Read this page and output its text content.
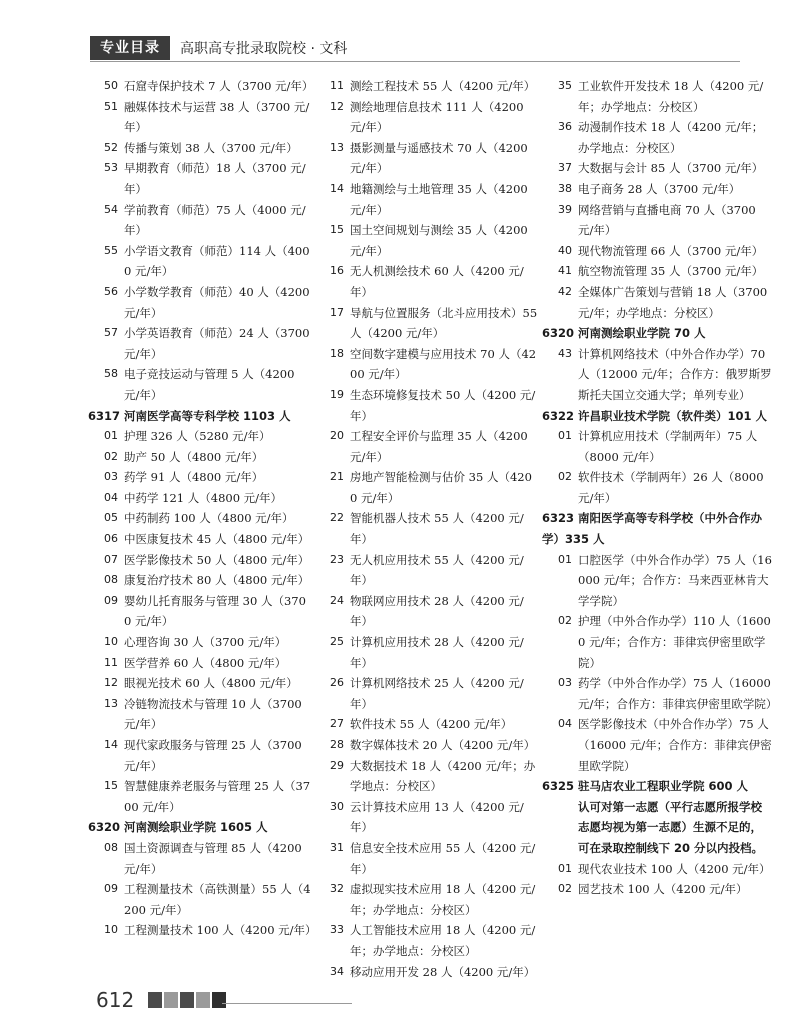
专业目录	高职高专批录取院校 · 文科
50 石窟寺保护技术 7 人（3700 元/年）
51 融媒体技术与运营 38 人（3700 元/年）
52 传播与策划 38 人（3700 元/年）
53 早期教育（师范）18 人（3700 元/年）
54 学前教育（师范）75 人（4000 元/年）
55 小学语文教育（师范）114 人（4000 元/年）
56 小学数学教育（师范）40 人（4200 元/年）
57 小学英语教育（师范）24 人（3700 元/年）
58 电子竞技运动与管理 5 人（4200 元/年）
6317 河南医学高等专科学校 1103 人
01 护理 326 人（5280 元/年）
02 助产 50 人（4800 元/年）
03 药学 91 人（4800 元/年）
04 中药学 121 人（4800 元/年）
05 中药制药 100 人（4800 元/年）
06 中医康复技术 45 人（4800 元/年）
07 医学影像技术 50 人（4800 元/年）
08 康复治疗技术 80 人（4800 元/年）
09 婴幼儿托育服务与管理 30 人（3700 元/年）
10 心理咨询 30 人（3700 元/年）
11 医学营养 60 人（4800 元/年）
12 眼视光技术 60 人（4800 元/年）
13 冷链物流技术与管理 10 人（3700 元/年）
14 现代家政服务与管理 25 人（3700 元/年）
15 智慧健康养老服务与管理 25 人（3700 元/年）
6320 河南测绘职业学院 1605 人
08 国土资源调查与管理 85 人（4200 元/年）
09 工程测量技术（高铁测量）55 人（4200 元/年）
10 工程测量技术 100 人（4200 元/年）
11 测绘工程技术 55 人（4200 元/年）
12 测绘地理信息技术 111 人（4200 元/年）
13 摄影测量与遥感技术 70 人（4200 元/年）
14 地籍测绘与土地管理 35 人（4200 元/年）
15 国土空间规划与测绘 35 人（4200 元/年）
16 无人机测绘技术 60 人（4200 元/年）
17 导航与位置服务（北斗应用技术）55 人（4200 元/年）
18 空间数字建模与应用技术 70 人（4200 元/年）
19 生态环境修复技术 50 人（4200 元/年）
20 工程安全评价与监理 35 人（4200 元/年）
21 房地产智能检测与估价 35 人（4200 元/年）
22 智能机器人技术 55 人（4200 元/年）
23 无人机应用技术 55 人（4200 元/年）
24 物联网应用技术 28 人（4200 元/年）
25 计算机应用技术 28 人（4200 元/年）
26 计算机网络技术 25 人（4200 元/年）
27 软件技术 55 人（4200 元/年）
28 数字媒体技术 20 人（4200 元/年）
29 大数据技术 18 人（4200 元/年；办学地点：分校区）
30 云计算技术应用 13 人（4200 元/年）
31 信息安全技术应用 55 人（4200 元/年）
32 虚拟现实技术应用 18 人（4200 元/年；办学地点：分校区）
33 人工智能技术应用 18 人（4200 元/年；办学地点：分校区）
34 移动应用开发 28 人（4200 元/年）
35 工业软件开发技术 18 人（4200 元/年；办学地点：分校区）
36 动漫制作技术 18 人（4200 元/年；办学地点：分校区）
37 大数据与会计 85 人（3700 元/年）
38 电子商务 28 人（3700 元/年）
39 网络营销与直播电商 70 人（3700 元/年）
40 现代物流管理 66 人（3700 元/年）
41 航空物流管理 35 人（3700 元/年）
42 全媒体广告策划与营销 18 人（3700 元/年；办学地点：分校区）
6320 河南测绘职业学院 70 人
43 计算机网络技术（中外合作办学）70 人（12000 元/年；合作方：俄罗斯罗斯托夫国立交通大学；单列专业）
6322 许昌职业技术学院（软件类）101 人
01 计算机应用技术（学制两年）75 人（8000 元/年）
02 软件技术（学制两年）26 人（8000 元/年）
6323 南阳医学高等专科学校（中外合作办学）335 人
01 口腔医学（中外合作办学）75 人（16000 元/年；合作方：马来西亚林肯大学学院）
02 护理（中外合作办学）110 人（16000 元/年；合作方：菲律宾伊密里欧学院）
03 药学（中外合作办学）75 人（16000 元/年；合作方：菲律宾伊密里欧学院）
04 医学影像技术（中外合作办学）75 人（16000 元/年；合作方：菲律宾伊密里欧学院）
6325 驻马店农业工程职业学院 600 人
认可对第一志愿（平行志愿所报学校志愿均视为第一志愿）生源不足的，可在录取控制线下 20 分以内投档。
01 现代农业技术 100 人（4200 元/年）
02 园艺技术 100 人（4200 元/年）
612
